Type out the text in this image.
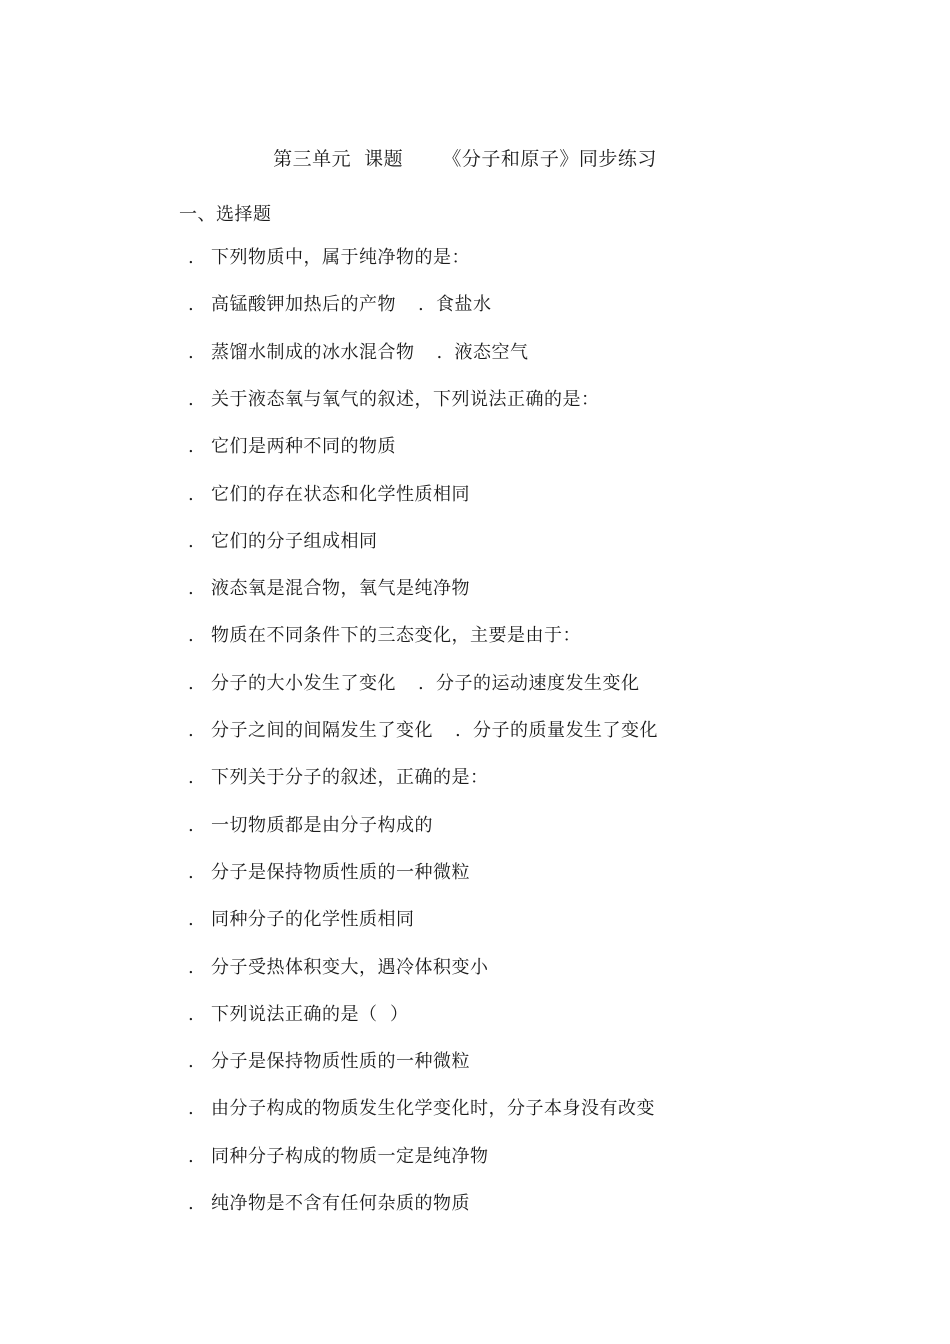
第三单元  课题      《分子和原子》同步练习
一、选择题
. 下列物质中，属于纯净物的是：
. 高锰酸钾加热后的产物 . 食盐水
. 蒸馏水制成的冰水混合物 . 液态空气
. 关于液态氧与氧气的叙述，下列说法正确的是：
. 它们是两种不同的物质
. 它们的存在状态和化学性质相同
. 它们的分子组成相同
. 液态氧是混合物，氧气是纯净物
. 物质在不同条件下的三态变化，主要是由于：
. 分子的大小发生了变化 . 分子的运动速度发生变化
. 分子之间的间隔发生了变化 . 分子的质量发生了变化
. 下列关于分子的叙述，正确的是：
. 一切物质都是由分子构成的
. 分子是保持物质性质的一种微粒
. 同种分子的化学性质相同
. 分子受热体积变大，遇冷体积变小
. 下列说法正确的是（  ）
. 分子是保持物质性质的一种微粒
. 由分子构成的物质发生化学变化时，分子本身没有改变
. 同种分子构成的物质一定是纯净物
. 纯净物是不含有任何杂质的物质
